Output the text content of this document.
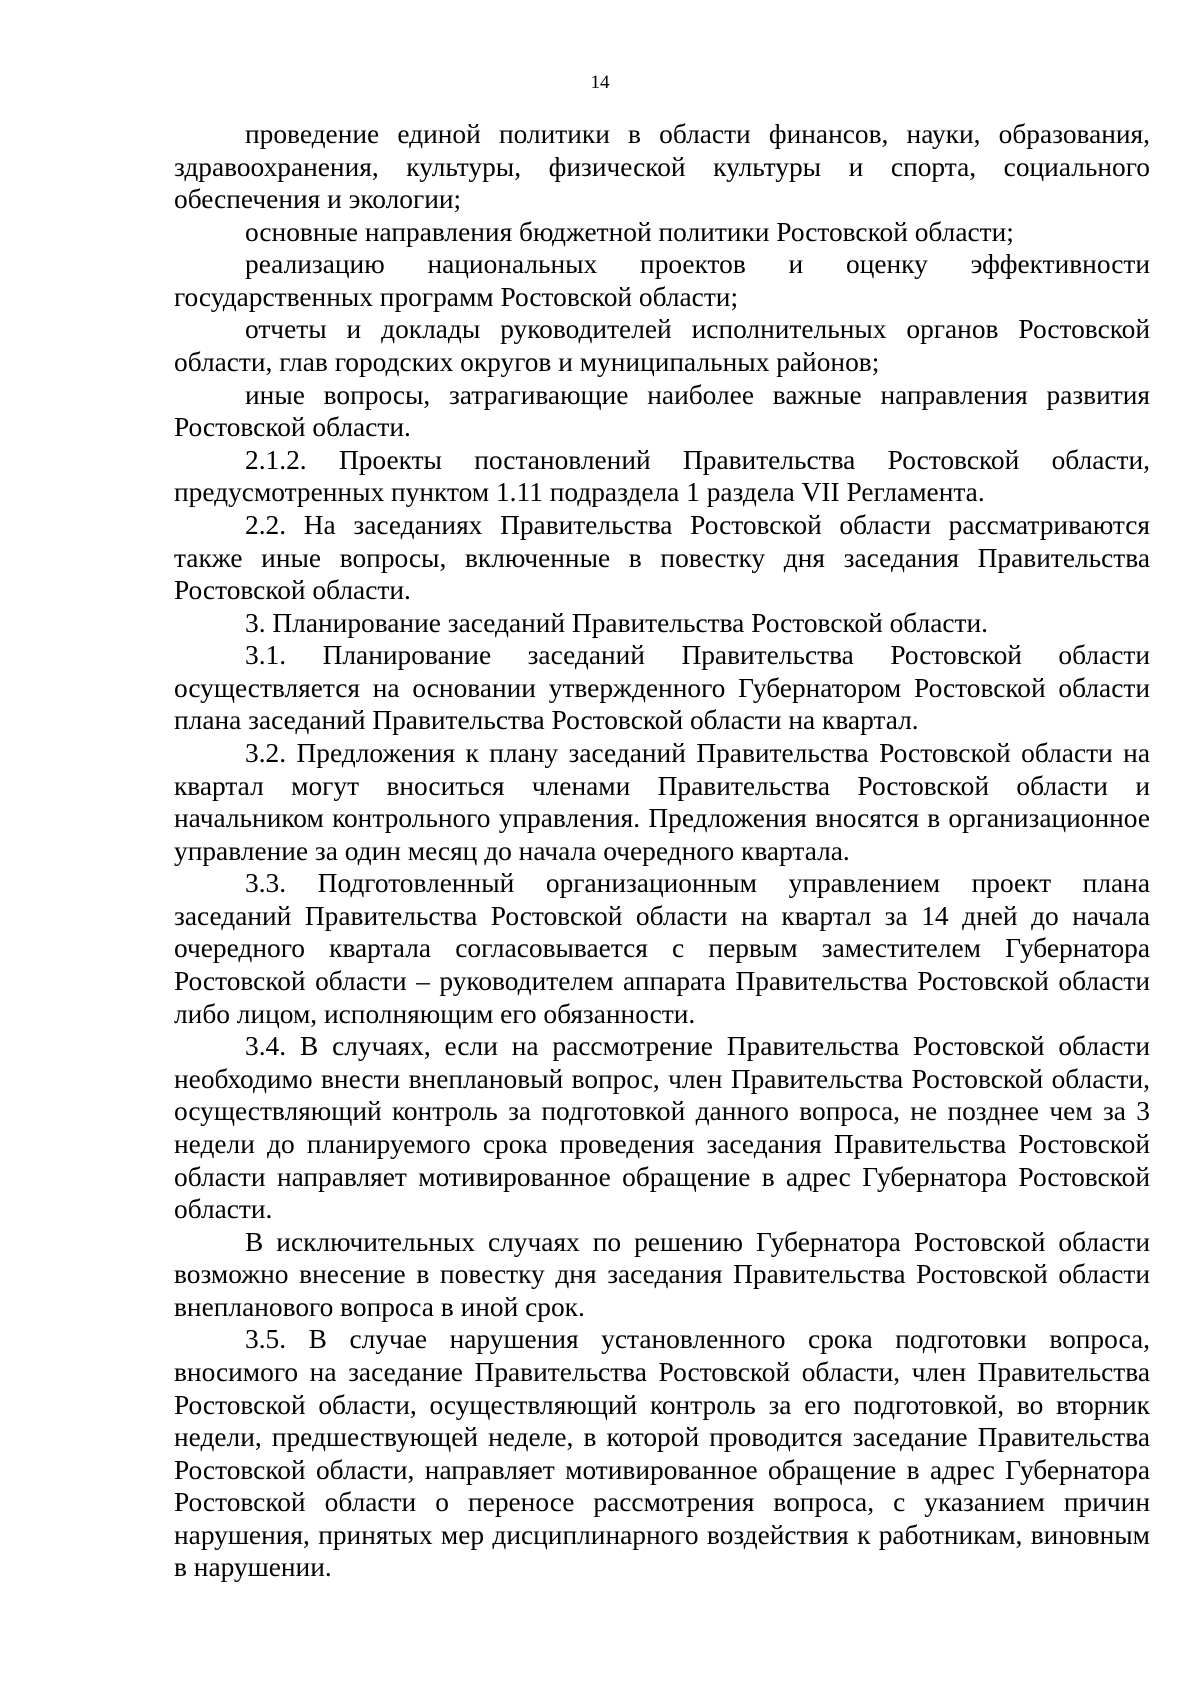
14

проведение единой политики в области финансов, науки, образования, здравоохранения, культуры, физической культуры и спорта, социального обеспечения и экологии;

основные направления бюджетной политики Ростовской области;

реализацию национальных проектов и оценку эффективности государственных программ Ростовской области;

отчеты и доклады руководителей исполнительных органов Ростовской области, глав городских округов и муниципальных районов;

иные вопросы, затрагивающие наиболее важные направления развития Ростовской области.

2.1.2. Проекты постановлений Правительства Ростовской области, предусмотренных пунктом 1.11 подраздела 1 раздела VII Регламента.

2.2. На заседаниях Правительства Ростовской области рассматриваются также иные вопросы, включенные в повестку дня заседания Правительства Ростовской области.

3. Планирование заседаний Правительства Ростовской области.

3.1. Планирование заседаний Правительства Ростовской области осуществляется на основании утвержденного Губернатором Ростовской области плана заседаний Правительства Ростовской области на квартал.

3.2. Предложения к плану заседаний Правительства Ростовской области на квартал могут вноситься членами Правительства Ростовской области и начальником контрольного управления. Предложения вносятся в организационное управление за один месяц до начала очередного квартала.

3.3. Подготовленный организационным управлением проект плана заседаний Правительства Ростовской области на квартал за 14 дней до начала очередного квартала согласовывается с первым заместителем Губернатора Ростовской области – руководителем аппарата Правительства Ростовской области либо лицом, исполняющим его обязанности.

3.4. В случаях, если на рассмотрение Правительства Ростовской области необходимо внести внеплановый вопрос, член Правительства Ростовской области, осуществляющий контроль за подготовкой данного вопроса, не позднее чем за 3 недели до планируемого срока проведения заседания Правительства Ростовской области направляет мотивированное обращение в адрес Губернатора Ростовской области.

В исключительных случаях по решению Губернатора Ростовской области возможно внесение в повестку дня заседания Правительства Ростовской области внепланового вопроса в иной срок.

3.5. В случае нарушения установленного срока подготовки вопроса, вносимого на заседание Правительства Ростовской области, член Правительства Ростовской области, осуществляющий контроль за его подготовкой, во вторник недели, предшествующей неделе, в которой проводится заседание Правительства Ростовской области, направляет мотивированное обращение в адрес Губернатора Ростовской области о переносе рассмотрения вопроса, с указанием причин нарушения, принятых мер дисциплинарного воздействия к работникам, виновным в нарушении.
